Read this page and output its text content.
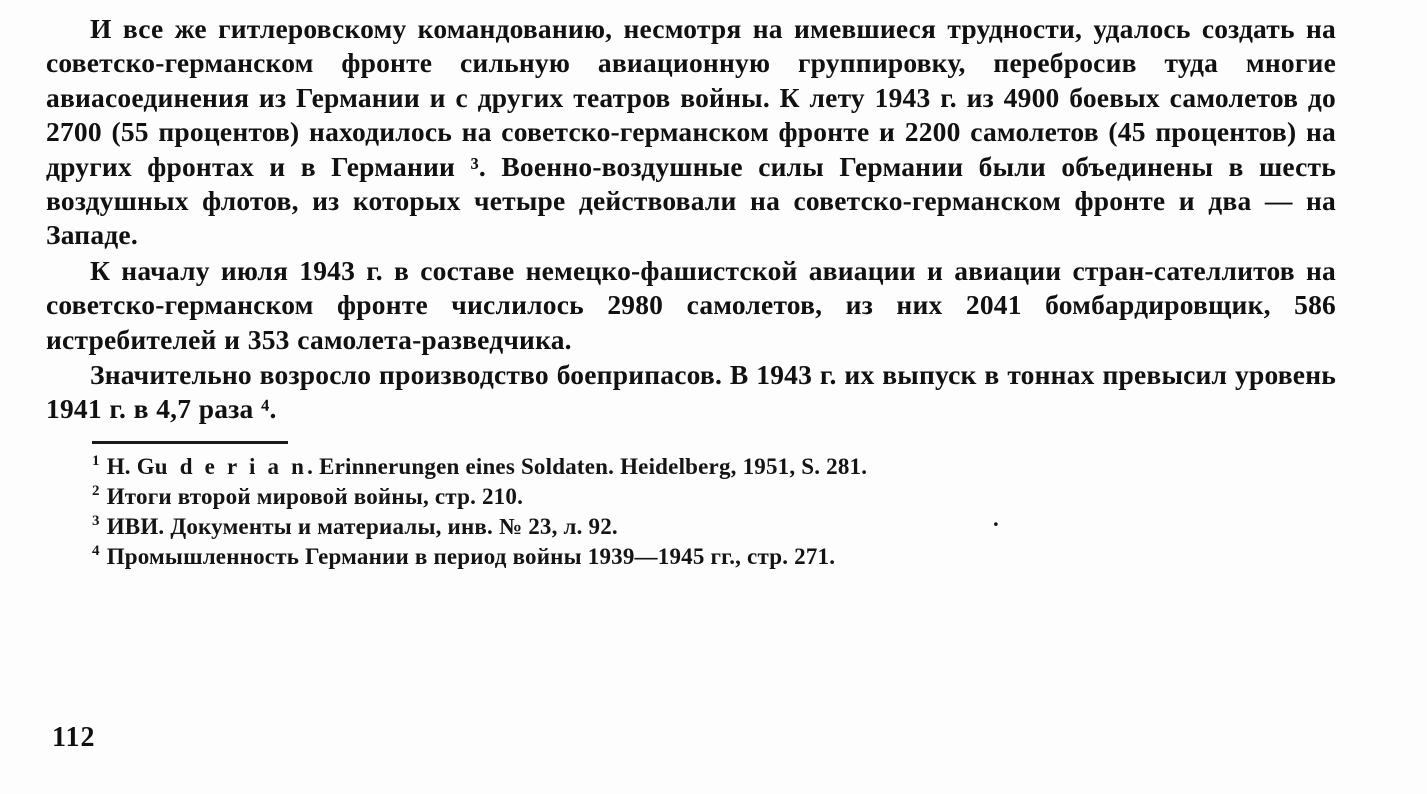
И все же гитлеровскому командованию, несмотря на имевшиеся трудности, удалось создать на советско-германском фронте сильную авиационную группировку, перебросив туда многие авиасоединения из Германии и с других театров войны. К лету 1943 г. из 4900 боевых самолетов до 2700 (55 процентов) находилось на советско-германском фронте и 2200 самолетов (45 процентов) на других фронтах и в Германии ³. Военно-воздушные силы Германии были объединены в шесть воздушных флотов, из которых четыре действовали на советско-германском фронте и два — на Западе.

К началу июля 1943 г. в составе немецко-фашистской авиации и авиации стран-сателлитов на советско-германском фронте числилось 2980 самолетов, из них 2041 бомбардировщик, 586 истребителей и 353 самолета-разведчика.

Значительно возросло производство боеприпасов. В 1943 г. их выпуск в тоннах превысил уровень 1941 г. в 4,7 раза ⁴.

$^1$ H. Gu d e r i a n. Erinnerungen eines Soldaten. Heidelberg, 1951, S. 281.
$^2$ Итоги второй мировой войны, стр. 210.
.
$^3$ ИВИ. Документы и материалы, инв. № 23, л. 92.
$^4$ Промышленность Германии в период войны 1939—1945 гг., стр. 271.
112
